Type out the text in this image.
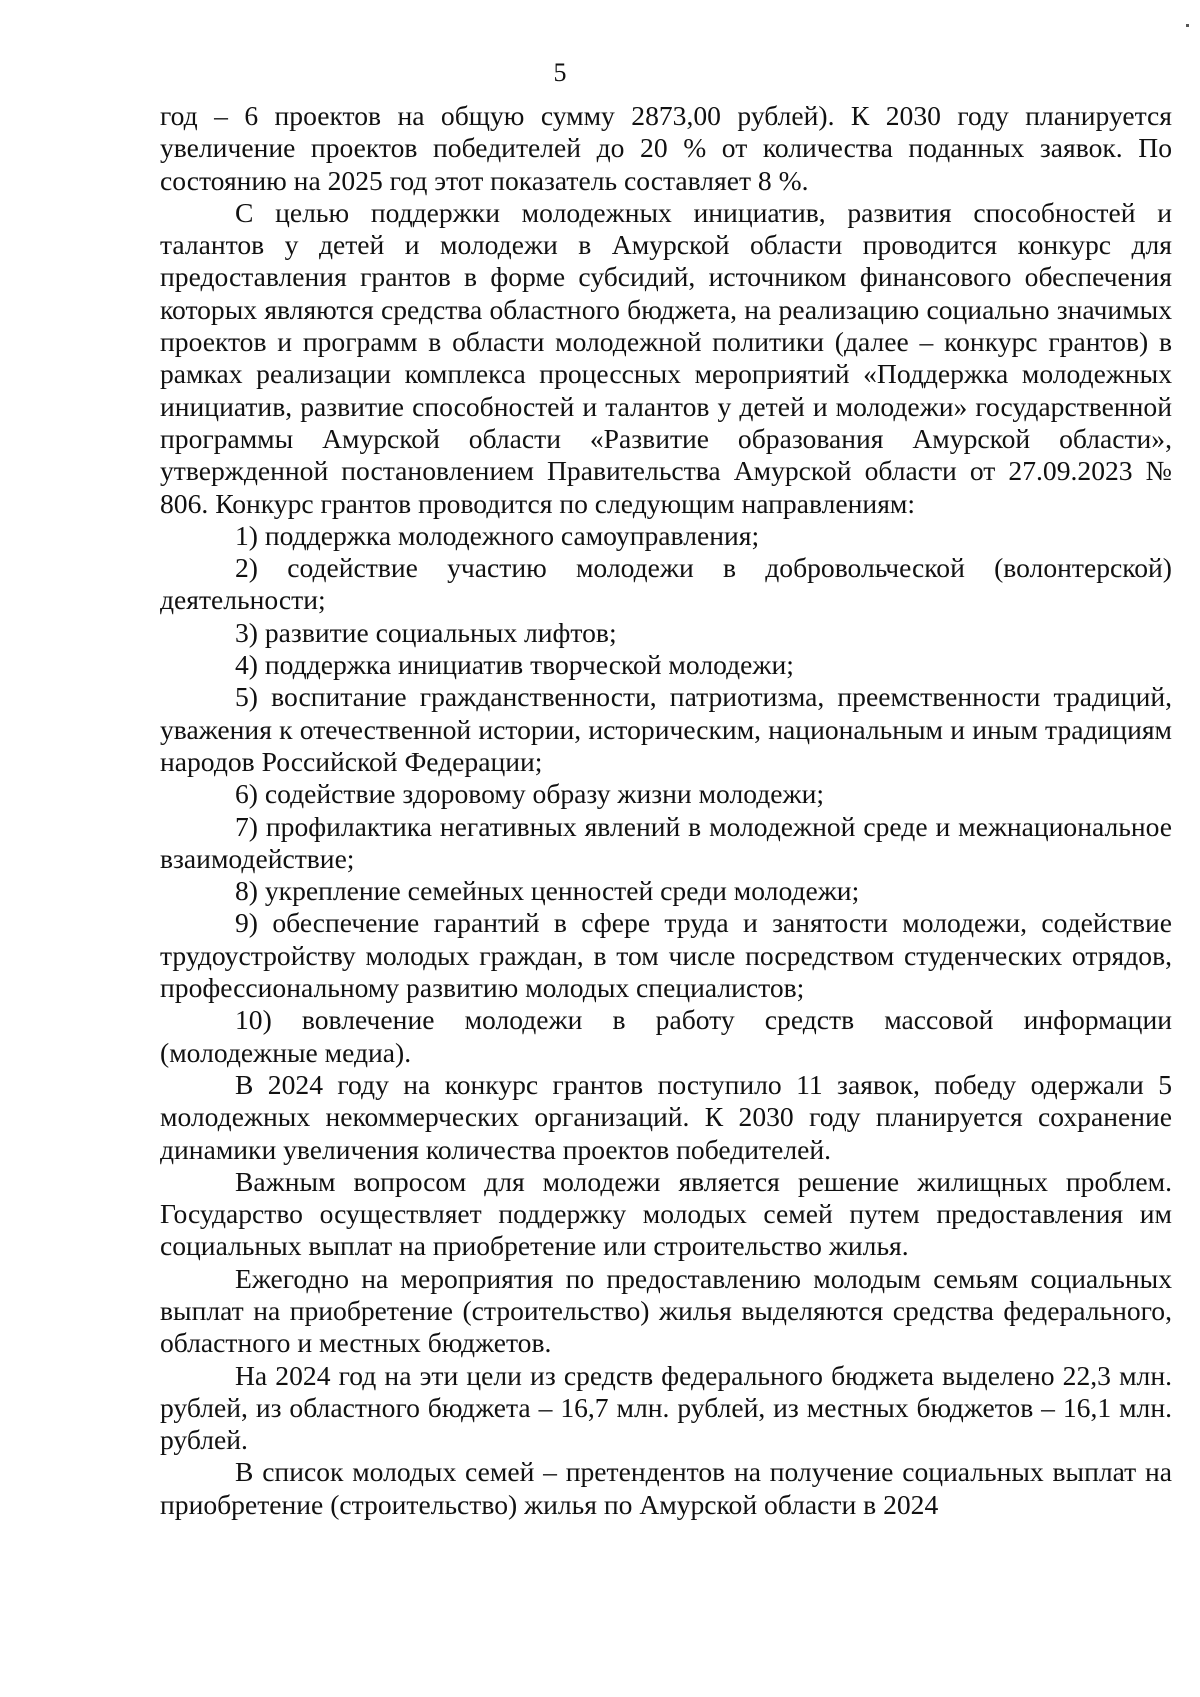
5

год – 6 проектов на общую сумму 2873,00 рублей). К 2030 году планируется увеличение проектов победителей до 20 % от количества поданных заявок. По состоянию на 2025 год этот показатель составляет 8 %.

С целью поддержки молодежных инициатив, развития способностей и талантов у детей и молодежи в Амурской области проводится конкурс для предоставления грантов в форме субсидий, источником финансового обеспечения которых являются средства областного бюджета, на реализацию социально значимых проектов и программ в области молодежной политики (далее – конкурс грантов) в рамках реализации комплекса процессных мероприятий «Поддержка молодежных инициатив, развитие способностей и талантов у детей и молодежи» государственной программы Амурской области «Развитие образования Амурской области», утвержденной постановлением Правительства Амурской области от 27.09.2023 № 806. Конкурс грантов проводится по следующим направлениям:

1) поддержка молодежного самоуправления;

2) содействие участию молодежи в добровольческой (волонтерской) деятельности;

3) развитие социальных лифтов;

4) поддержка инициатив творческой молодежи;

5) воспитание гражданственности, патриотизма, преемственности традиций, уважения к отечественной истории, историческим, национальным и иным традициям народов Российской Федерации;

6) содействие здоровому образу жизни молодежи;

7) профилактика негативных явлений в молодежной среде и межнациональное взаимодействие;

8) укрепление семейных ценностей среди молодежи;

9) обеспечение гарантий в сфере труда и занятости молодежи, содействие трудоустройству молодых граждан, в том числе посредством студенческих отрядов, профессиональному развитию молодых специалистов;

10) вовлечение молодежи в работу средств массовой информации (молодежные медиа).

В 2024 году на конкурс грантов поступило 11 заявок, победу одержали 5 молодежных некоммерческих организаций. К 2030 году планируется сохранение динамики увеличения количества проектов победителей.

Важным вопросом для молодежи является решение жилищных проблем. Государство осуществляет поддержку молодых семей путем предоставления им социальных выплат на приобретение или строительство жилья.

Ежегодно на мероприятия по предоставлению молодым семьям социальных выплат на приобретение (строительство) жилья выделяются средства федерального, областного и местных бюджетов.

На 2024 год на эти цели из средств федерального бюджета выделено 22,3 млн. рублей, из областного бюджета – 16,7 млн. рублей, из местных бюджетов – 16,1 млн. рублей.

В список молодых семей – претендентов на получение социальных выплат на приобретение (строительство) жилья по Амурской области в 2024
